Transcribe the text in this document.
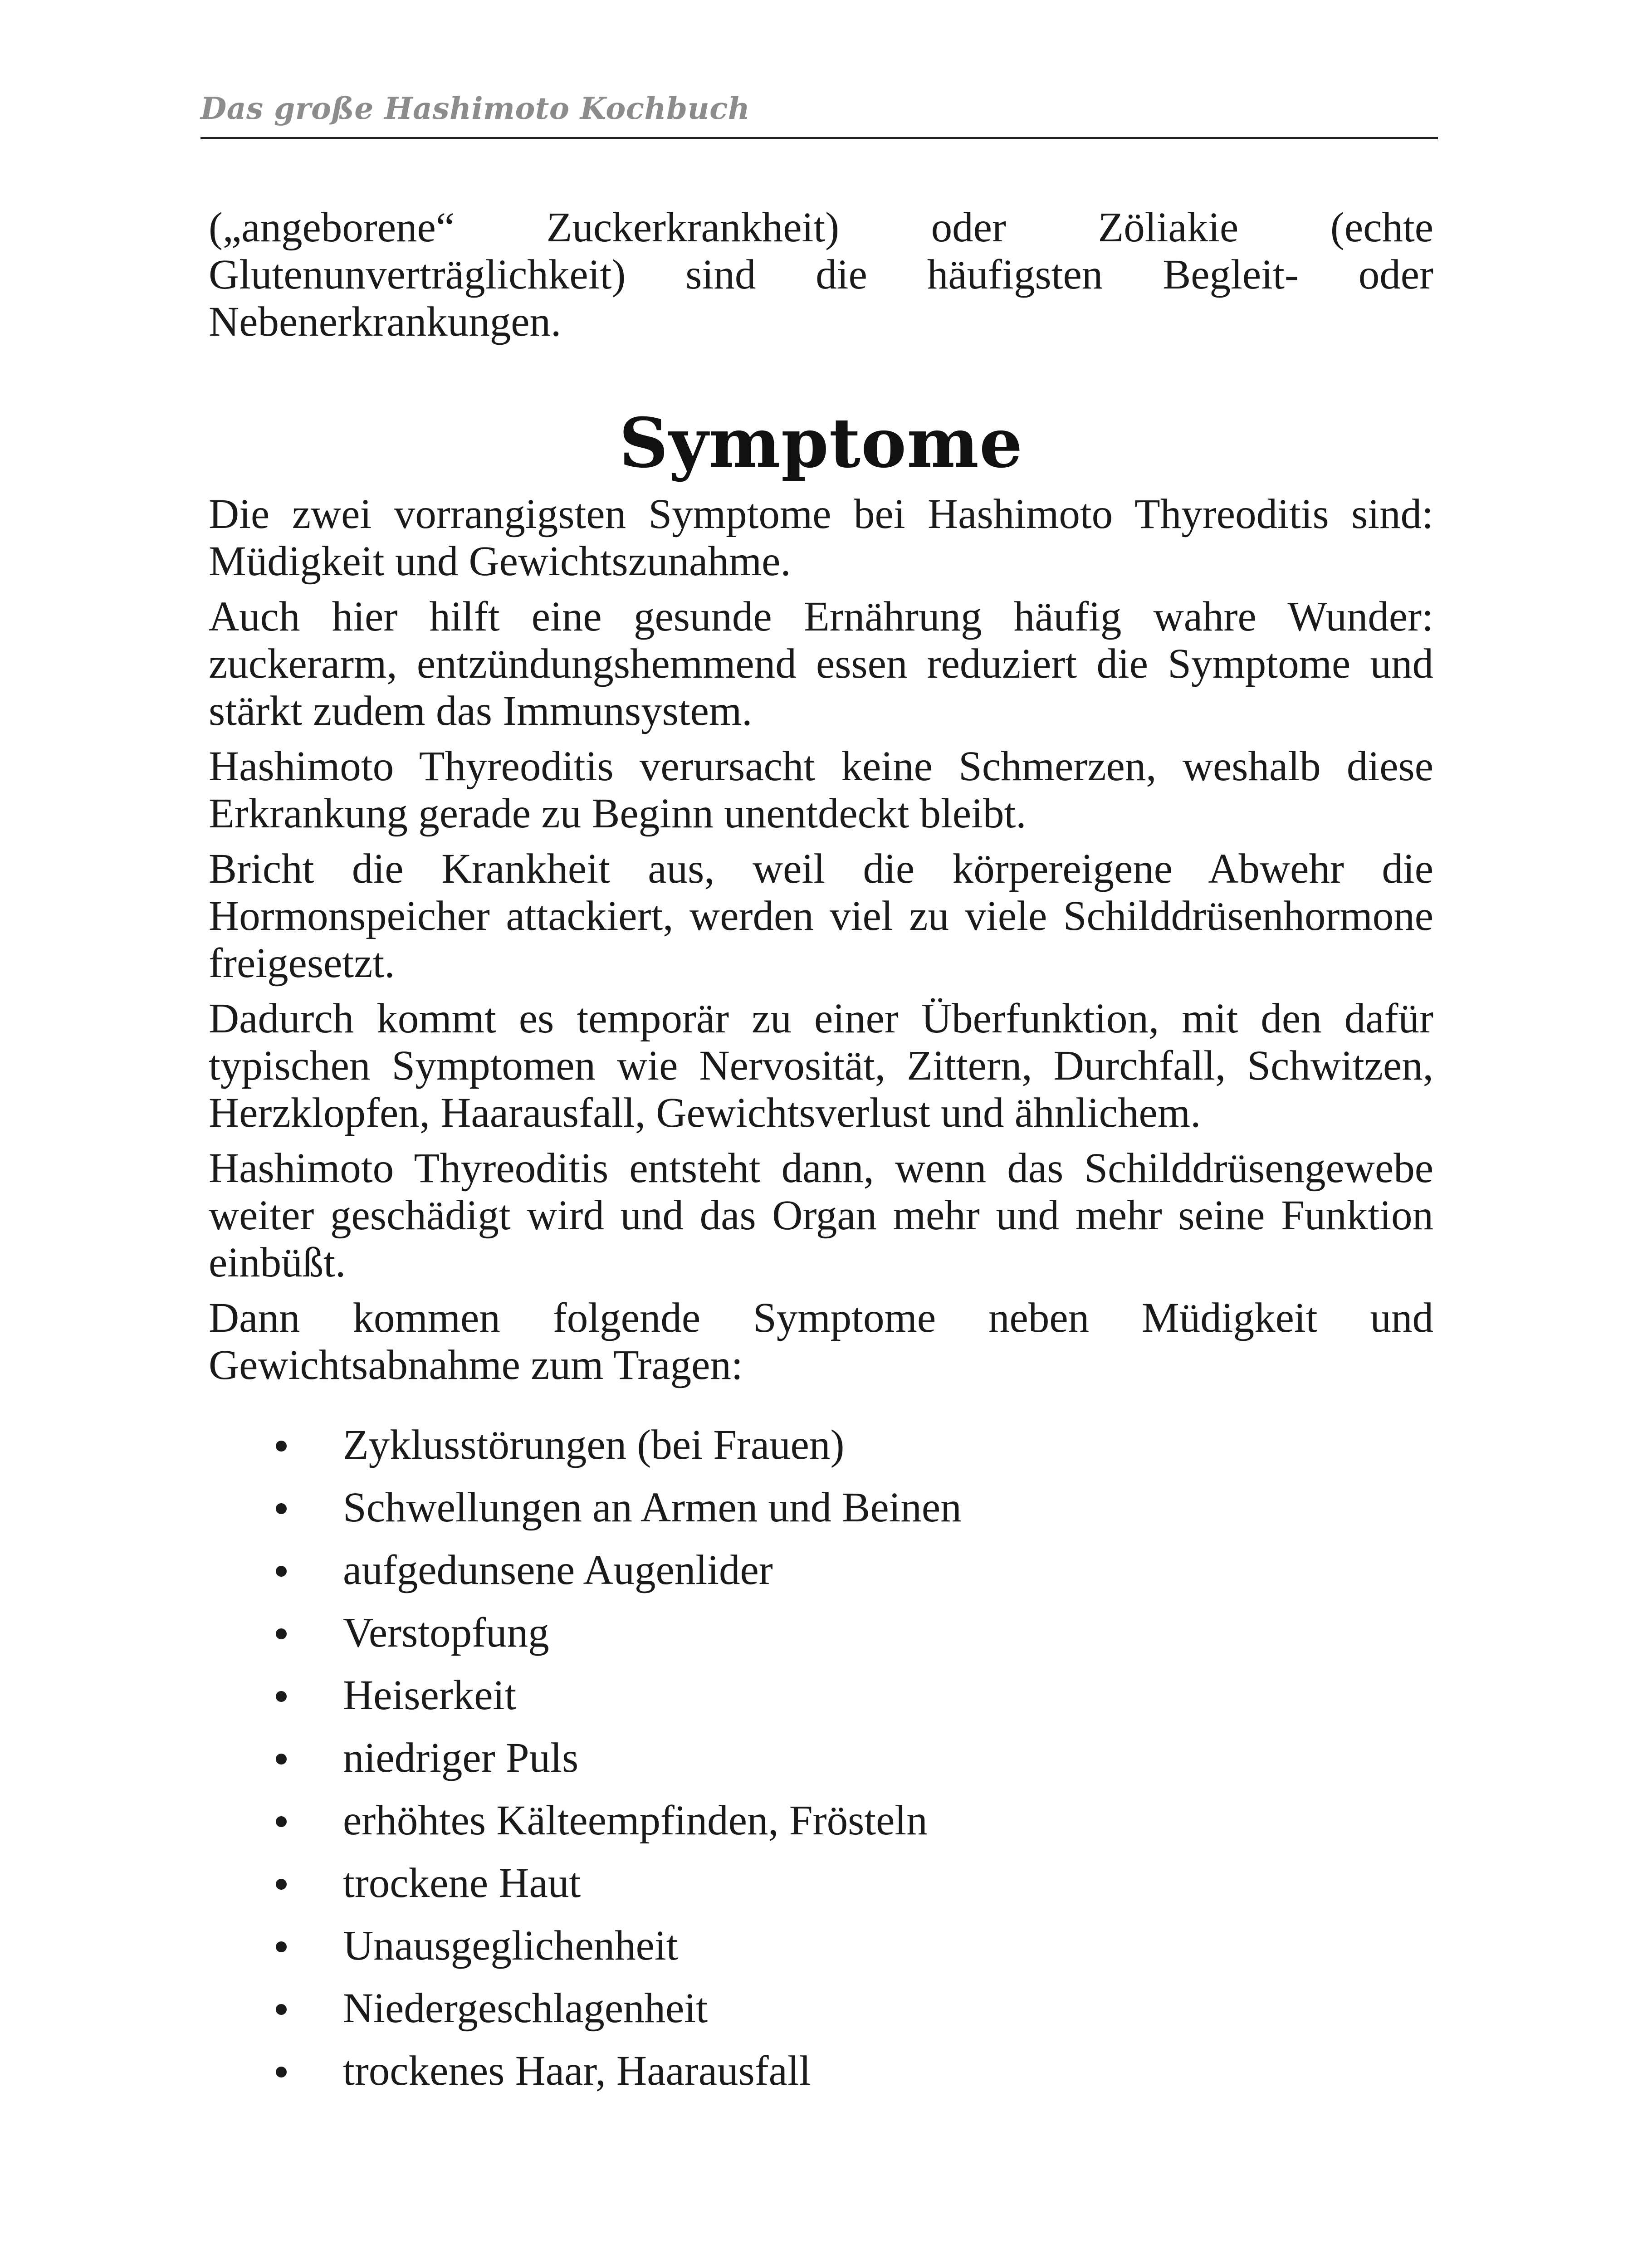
Das große Hashimoto Kochbuch

(„angeborene“ Zuckerkrankheit) oder Zöliakie (echte Glutenunverträglichkeit) sind die häufigsten Begleit- oder Nebenerkrankungen.

Symptome

Die zwei vorrangigsten Symptome bei Hashimoto Thyreoditis sind: Müdigkeit und Gewichtszunahme.

Auch hier hilft eine gesunde Ernährung häufig wahre Wunder: zuckerarm, entzündungshemmend essen reduziert die Symptome und stärkt zudem das Immunsystem.

Hashimoto Thyreoditis verursacht keine Schmerzen, weshalb diese Erkrankung gerade zu Beginn unentdeckt bleibt.

Bricht die Krankheit aus, weil die körpereigene Abwehr die Hormonspeicher attackiert, werden viel zu viele Schilddrüsenhormone freigesetzt.

Dadurch kommt es temporär zu einer Überfunktion, mit den dafür typischen Symptomen wie Nervosität, Zittern, Durchfall, Schwitzen, Herzklopfen, Haarausfall, Gewichtsverlust und ähnlichem.

Hashimoto Thyreoditis entsteht dann, wenn das Schilddrüsengewebe weiter geschädigt wird und das Organ mehr und mehr seine Funktion einbüßt.

Dann kommen folgende Symptome neben Müdigkeit und Gewichtsabnahme zum Tragen:

Zyklusstörungen (bei Frauen)
Schwellungen an Armen und Beinen
aufgedunsene Augenlider
Verstopfung
Heiserkeit
niedriger Puls
erhöhtes Kälteempfinden, Frösteln
trockene Haut
Unausgeglichenheit
Niedergeschlagenheit
trockenes Haar, Haarausfall
